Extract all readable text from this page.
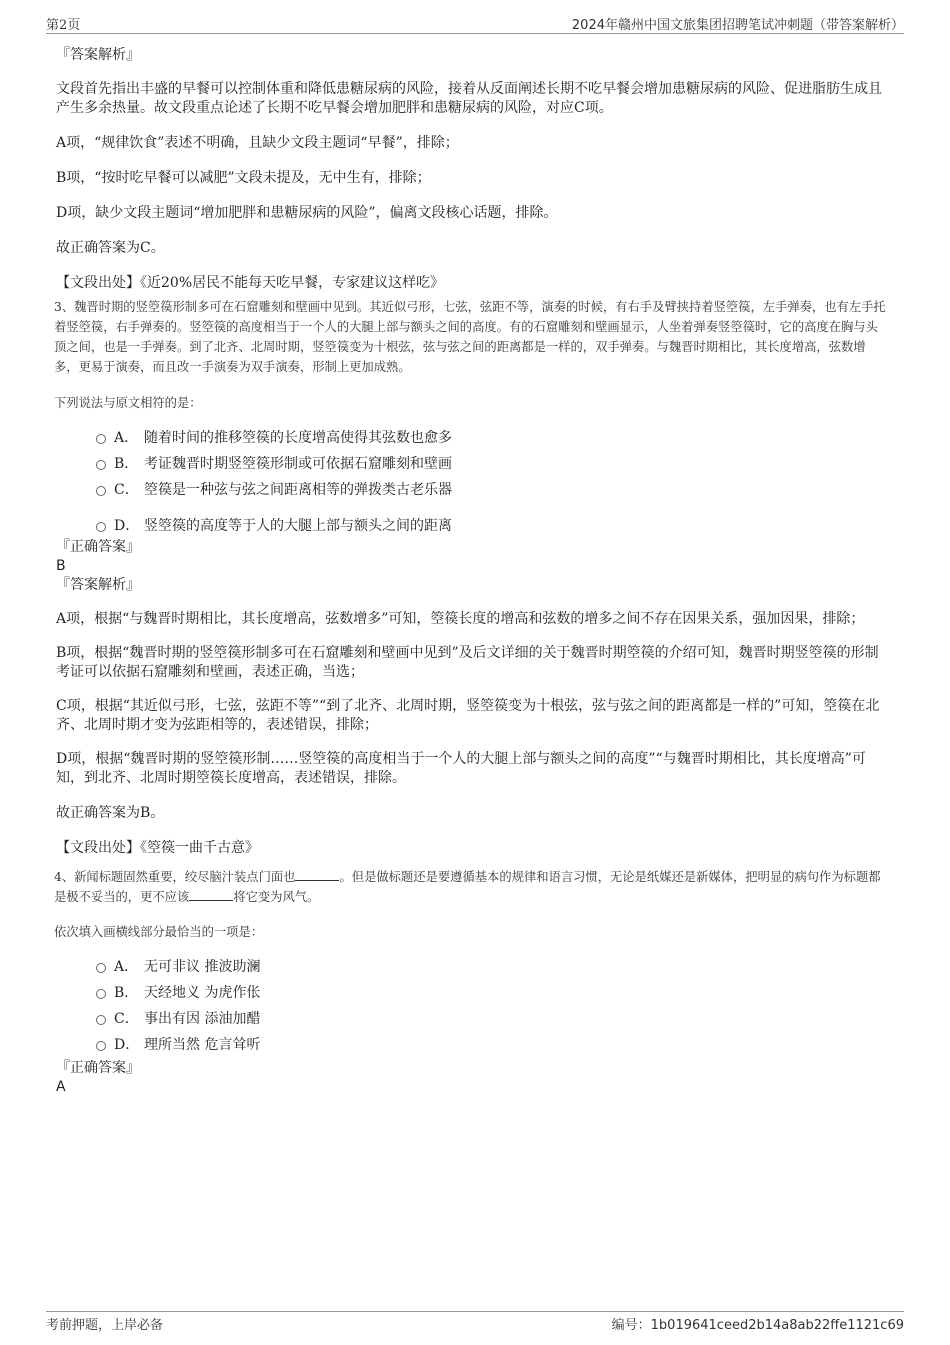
第2页	2024年赣州中国文旅集团招聘笔试冲刺题（带答案解析）
『答案解析』
文段首先指出丰盛的早餐可以控制体重和降低患糖尿病的风险，接着从反面阐述长期不吃早餐会增加患糖尿病的风险、促进脂肪生成且产生多余热量。故文段重点论述了长期不吃早餐会增加肥胖和患糖尿病的风险，对应C项。
A项，“规律饮食”表述不明确，且缺少文段主题词“早餐”，排除；
B项，“按时吃早餐可以减肥”文段未提及，无中生有，排除；
D项，缺少文段主题词“增加肥胖和患糖尿病的风险”，偏离文段核心话题，排除。
故正确答案为C。
【文段出处】《近20%居民不能每天吃早餐，专家建议这样吃》
3、魏晋时期的竖箜篌形制多可在石窟雕刻和壁画中见到。其近似弓形，七弦，弦距不等，演奏的时候，有右手及臂挟持着竖箜篌，左手弹奏，也有左手托着竖箜篌，右手弹奏的。竖箜篌的高度相当于一个人的大腿上部与额头之间的高度。有的石窟雕刻和壁画显示，人坐着弹奏竖箜篌时，它的高度在胸与头顶之间，也是一手弹奏。到了北齐、北周时期，竖箜篌变为十根弦，弦与弦之间的距离都是一样的，双手弹奏。与魏晋时期相比，其长度增高，弦数增多，更易于演奏，而且改一手演奏为双手演奏，形制上更加成熟。
下列说法与原文相符的是：
A． 随着时间的推移箜篌的长度增高使得其弦数也愈多
B． 考证魏晋时期竖箜篌形制或可依据石窟雕刻和壁画
C． 箜篌是一种弦与弦之间距离相等的弹拨类古老乐器
D． 竖箜篌的高度等于人的大腿上部与额头之间的距离
『正确答案』
B
『答案解析』
A项，根据“与魏晋时期相比，其长度增高，弦数增多”可知，箜篌长度的增高和弦数的增多之间不存在因果关系，强加因果，排除；
B项，根据“魏晋时期的竖箜篌形制多可在石窟雕刻和壁画中见到”及后文详细的关于魏晋时期箜篌的介绍可知，魏晋时期竖箜篌的形制考证可以依据石窟雕刻和壁画，表述正确，当选；
C项，根据“其近似弓形，七弦，弦距不等”“到了北齐、北周时期，竖箜篌变为十根弦，弦与弦之间的距离都是一样的”可知，箜篌在北齐、北周时期才变为弦距相等的，表述错误，排除；
D项，根据“魏晋时期的竖箜篌形制……竖箜篌的高度相当于一个人的大腿上部与额头之间的高度”“与魏晋时期相比，其长度增高”可知，到北齐、北周时期箜篌长度增高，表述错误，排除。
故正确答案为B。
【文段出处】《箜篌一曲千古意》
4、新闻标题固然重要，绞尽脑汁装点门面也	。但是做标题还是要遵循基本的规律和语言习惯，无论是纸媒还是新媒体，把明显的病句作为标题都是极不妥当的，更不应该	将它变为风气。
依次填入画横线部分最恰当的一项是：
A． 无可非议 推波助澜
B． 天经地义 为虎作伥
C． 事出有因 添油加醋
D． 理所当然 危言耸听
『正确答案』
A
考前押题，上岸必备	编号：1b019641ceed2b14a8ab22ffe1121c69
